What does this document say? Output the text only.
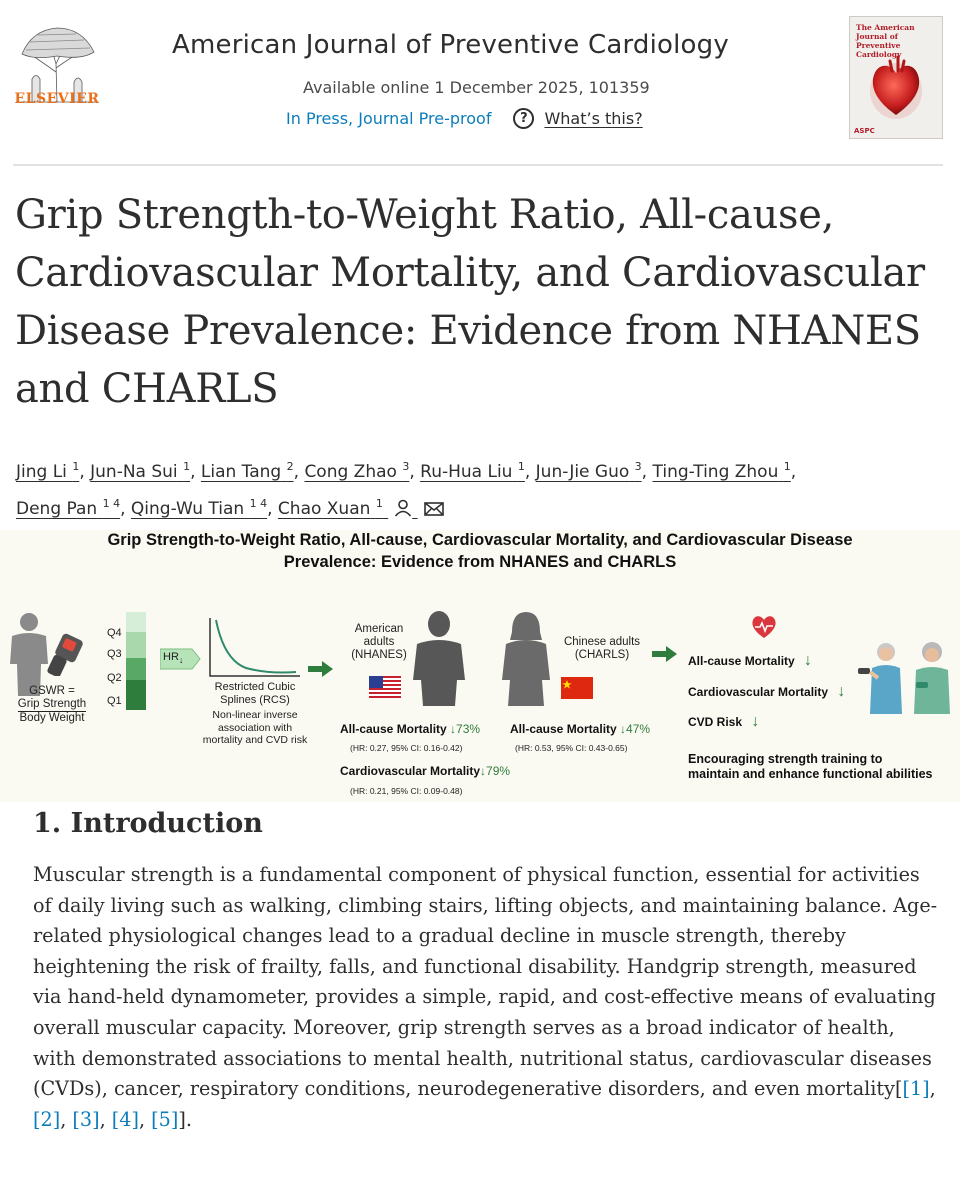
ELSEVIER
American Journal of Preventive Cardiology
Available online 1 December 2025, 101359
In Press, Journal Pre-proof	?	What’s this?
The American Journal of Preventive Cardiology
ASPC
Grip Strength-to-Weight Ratio, All-cause, Cardiovascular Mortality, and Cardiovascular Disease Prevalence: Evidence from NHANES and CHARLS
Jing Li $^1$, Jun-Na Sui $^1$, Lian Tang $^2$, Cong Zhao $^3$, Ru-Hua Liu $^1$, Jun-Jie Guo $^3$, Ting-Ting Zhou $^1$,
Deng Pan $^{1 4}$, Qing-Wu Tian $^{1 4}$, Chao Xuan $^1$
Grip Strength-to-Weight Ratio, All-cause, Cardiovascular Mortality, and Cardiovascular Disease
Prevalence: Evidence from NHANES and CHARLS
GSWR =
Grip Strength
Body Weight
Q4
Q3
Q2
Q1
$HR_↓$
Restricted Cubic
Splines (RCS)
Non-linear inverse
association with
mortality and CVD risk
American
adults
(NHANES)
Chinese adults
(CHARLS)
All-cause Mortality ↓73%
(HR: 0.27, 95% CI: 0.16-0.42)
Cardiovascular Mortality↓79%
(HR: 0.21, 95% CI: 0.09-0.48)
All-cause Mortality ↓47%
(HR: 0.53, 95% CI: 0.43-0.65)
All-cause Mortality ↓
Cardiovascular Mortality ↓
CVD Risk ↓
Encouraging strength training to
maintain and enhance functional abilities
1. Introduction

Muscular strength is a fundamental component of physical function, essential for activities of daily living such as walking, climbing stairs, lifting objects, and maintaining balance. Age-related physiological changes lead to a gradual decline in muscle strength, thereby heightening the risk of frailty, falls, and functional disability. Handgrip strength, measured via hand-held dynamometer, provides a simple, rapid, and cost-effective means of evaluating overall muscular capacity. Moreover, grip strength serves as a broad indicator of health, with demonstrated associations to mental health, nutritional status, cardiovascular diseases (CVDs), cancer, respiratory conditions, neurodegenerative disorders, and even mortality[[1], [2], [3], [4], [5]].
